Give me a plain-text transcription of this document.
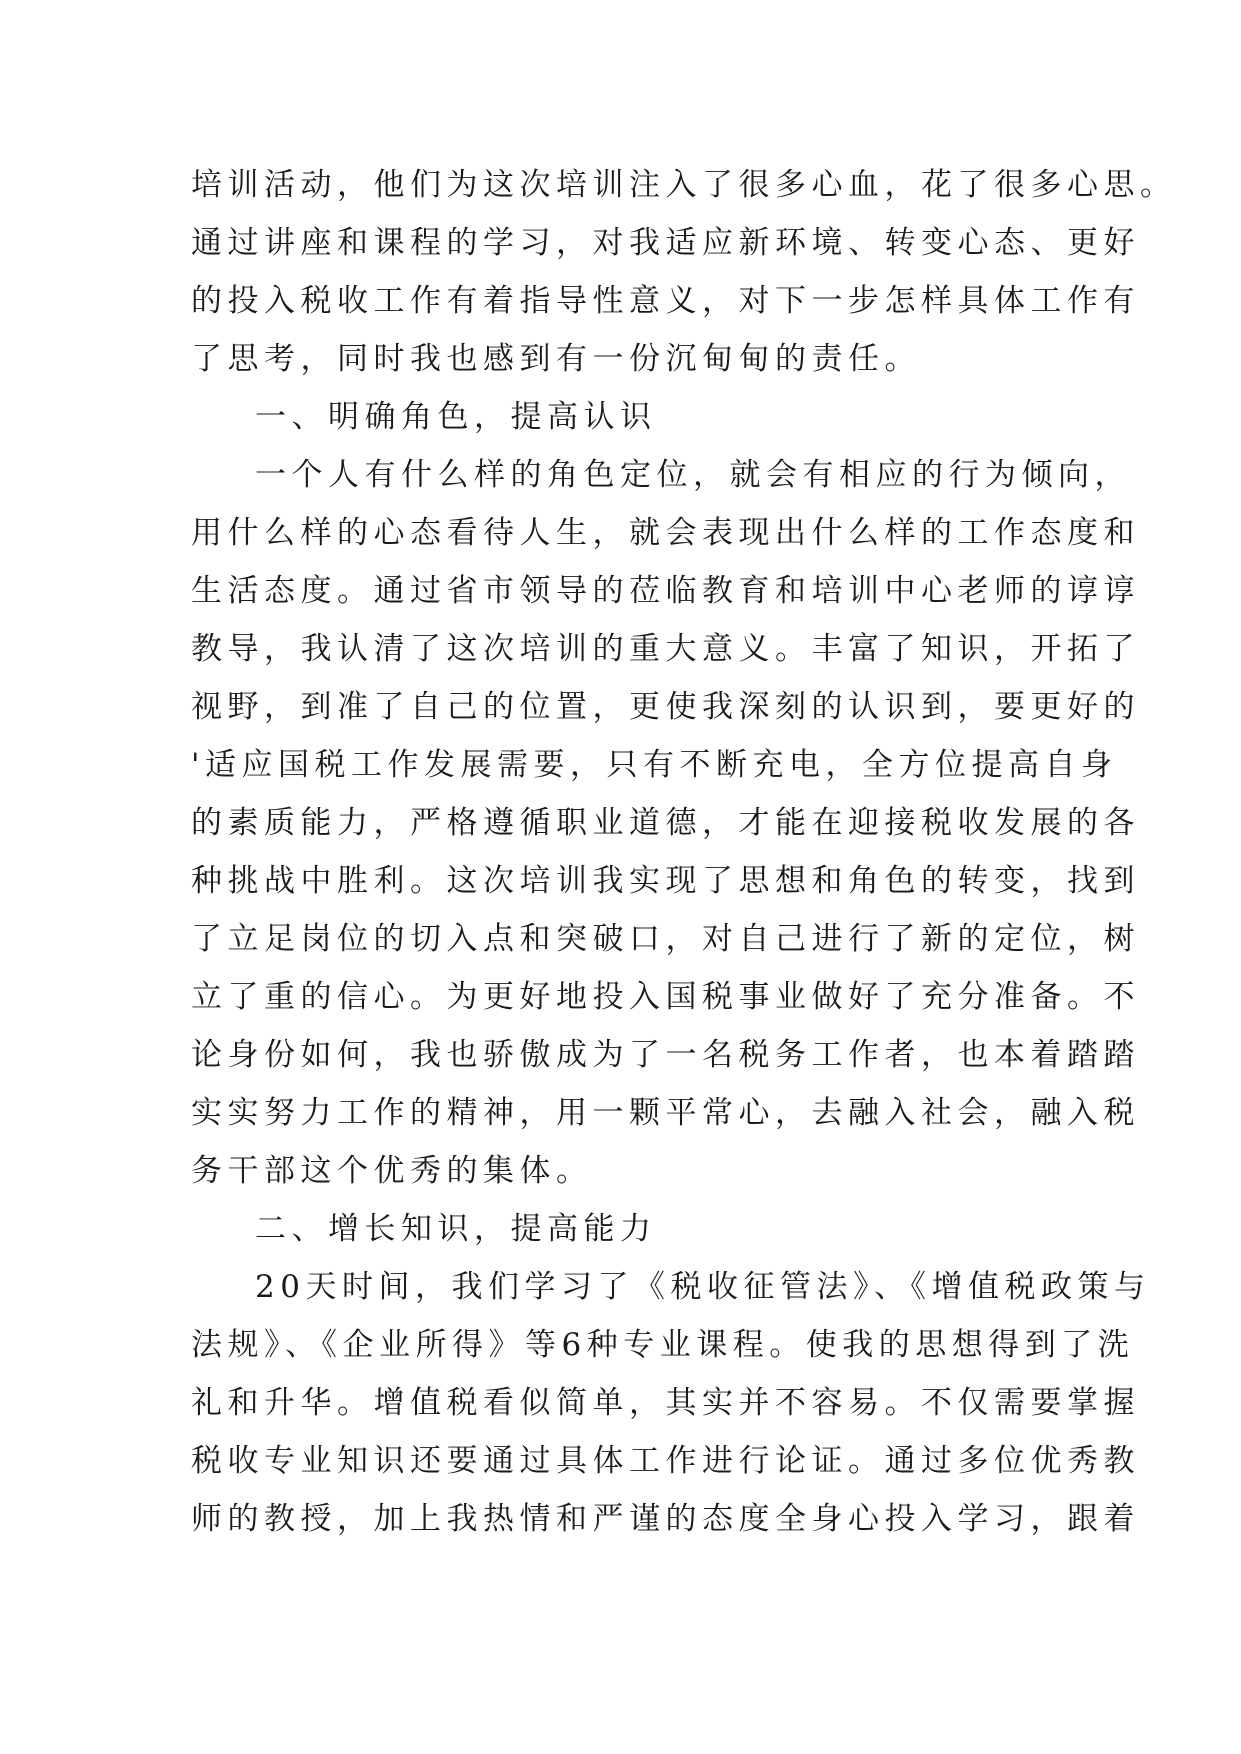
培训活动，他们为这次培训注入了很多心血，花了很多心思。
通过讲座和课程的学习，对我适应新环境、转变心态、更好
的投入税收工作有着指导性意义，对下一步怎样具体工作有
了思考，同时我也感到有一份沉甸甸的责任。
一、明确角色，提高认识
一个人有什么样的角色定位，就会有相应的行为倾向，
用什么样的心态看待人生，就会表现出什么样的工作态度和
生活态度。通过省市领导的莅临教育和培训中心老师的谆谆
教导，我认清了这次培训的重大意义。丰富了知识，开拓了
视野，到准了自己的位置，更使我深刻的认识到，要更好的
'适应国税工作发展需要，只有不断充电，全方位提高自身
的素质能力，严格遵循职业道德，才能在迎接税收发展的各
种挑战中胜利。这次培训我实现了思想和角色的转变，找到
了立足岗位的切入点和突破口，对自己进行了新的定位，树
立了重的信心。为更好地投入国税事业做好了充分准备。不
论身份如何，我也骄傲成为了一名税务工作者，也本着踏踏
实实努力工作的精神，用一颗平常心，去融入社会，融入税
务干部这个优秀的集体。
二、增长知识，提高能力
20天时间，我们学习了《税收征管法》、《增值税政策与
法规》、《企业所得》等6种专业课程。使我的思想得到了洗
礼和升华。增值税看似简单，其实并不容易。不仅需要掌握
税收专业知识还要通过具体工作进行论证。通过多位优秀教
师的教授，加上我热情和严谨的态度全身心投入学习，跟着
